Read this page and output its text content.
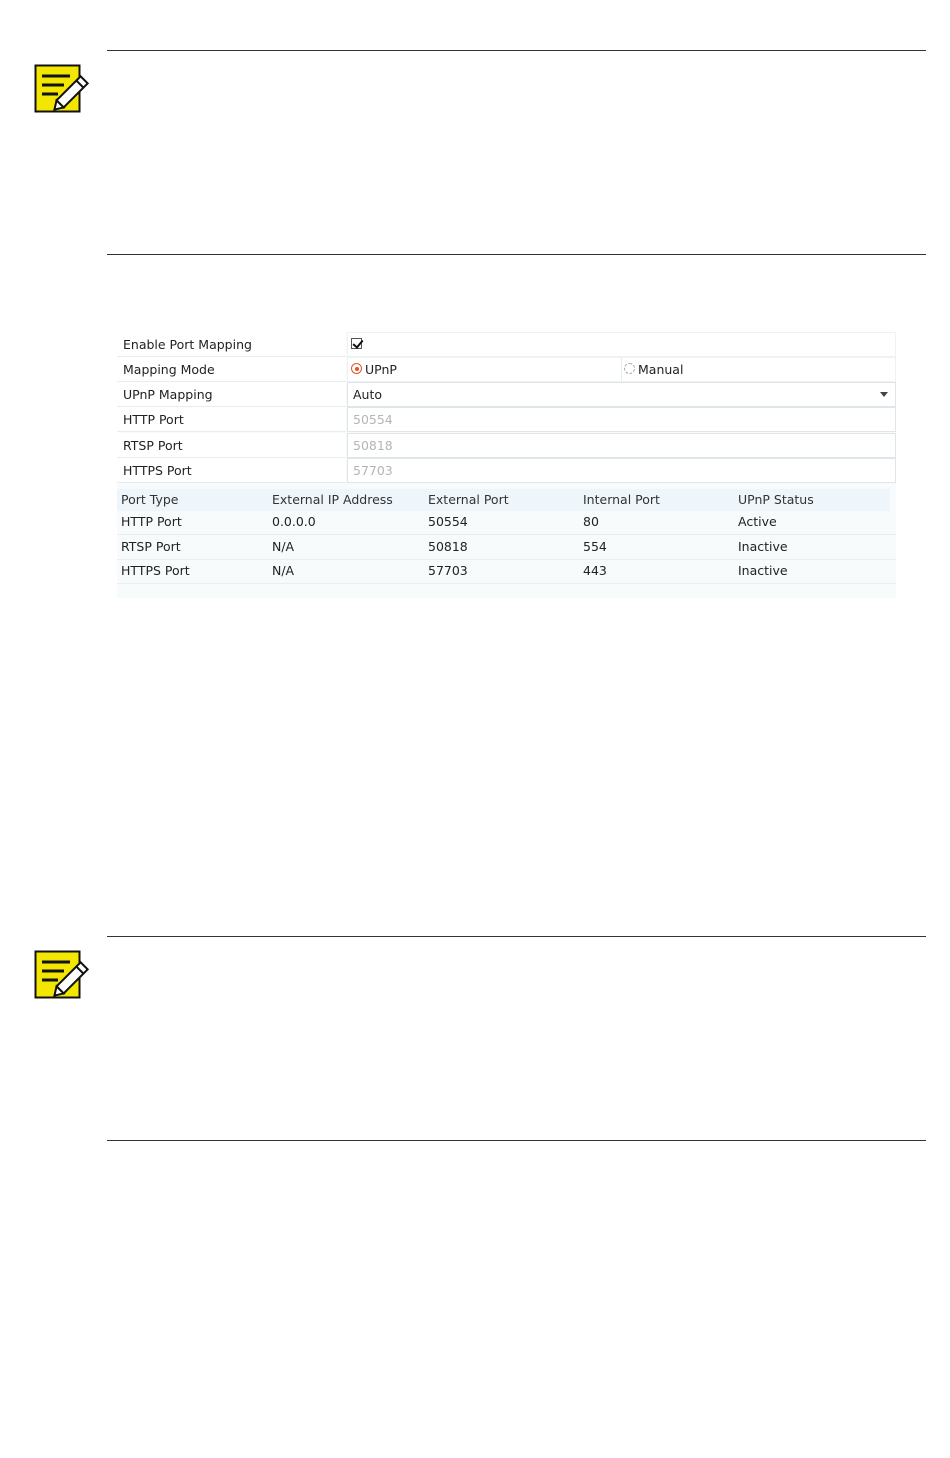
Enable Port Mapping
Mapping Mode	UPnP	Manual
UPnP Mapping	Auto
HTTP Port	50554
RTSP Port	50818
HTTPS Port	57703
Port Type	External IP Address	External Port	Internal Port	UPnP Status
HTTP Port	0.0.0.0	50554	80	Active
RTSP Port	N/A	50818	554	Inactive
HTTPS Port	N/A	57703	443	Inactive
